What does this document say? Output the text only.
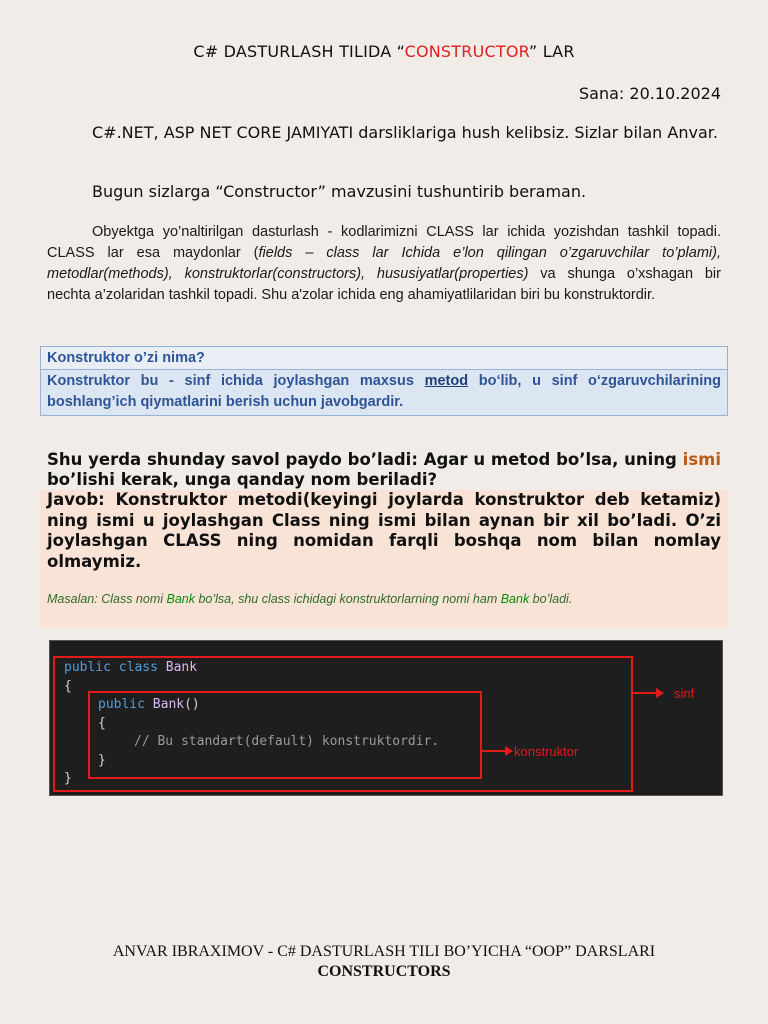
C# DASTURLASH TILIDA “CONSTRUCTOR” LAR
Sana: 20.10.2024
C#.NET, ASP NET CORE JAMIYATI darsliklariga hush kelibsiz. Sizlar bilan Anvar.
Bugun sizlarga “Constructor” mavzusini tushuntirib beraman.
Obyektga yo’naltirilgan dasturlash - kodlarimizni CLASS lar ichida yozishdan tashkil topadi. CLASS lar esa maydonlar (fields – class lar Ichida e’lon qilingan o’zgaruvchilar to’plami), metodlar(methods), konstruktorlar(constructors), hususiyatlar(properties) va shunga o’xshagan bir nechta a’zolaridan tashkil topadi. Shu a'zolar ichida eng ahamiyatlilaridan biri bu konstruktordir.
Konstruktor o’zi nima?
Konstruktor bu - sinf ichida joylashgan maxsus metod bo‘lib, u sinf o‘zgaruvchilarining boshlang’ich qiymatlarini berish uchun javobgardir.
Shu yerda shunday savol paydo bo’ladi: Agar u metod bo’lsa, uning ismi bo’lishi kerak, unga qanday nom beriladi?
Javob: Konstruktor metodi(keyingi joylarda konstruktor deb ketamiz) ning ismi u joylashgan Class ning ismi bilan aynan bir xil bo’ladi. O’zi joylashgan CLASS ning nomidan farqli boshqa nom bilan nomlay olmaymiz.
Masalan: Class nomi Bank bo’lsa, shu class ichidagi konstruktorlarning nomi ham Bank bo’ladi.
public class Bank
{
public Bank()
{
// Bu standart(default) konstruktordir.
}
}
sinf
konstruktor
ANVAR IBRAXIMOV - C# DASTURLASH TILI BO’YICHA “OOP” DARSLARI
CONSTRUCTORS
